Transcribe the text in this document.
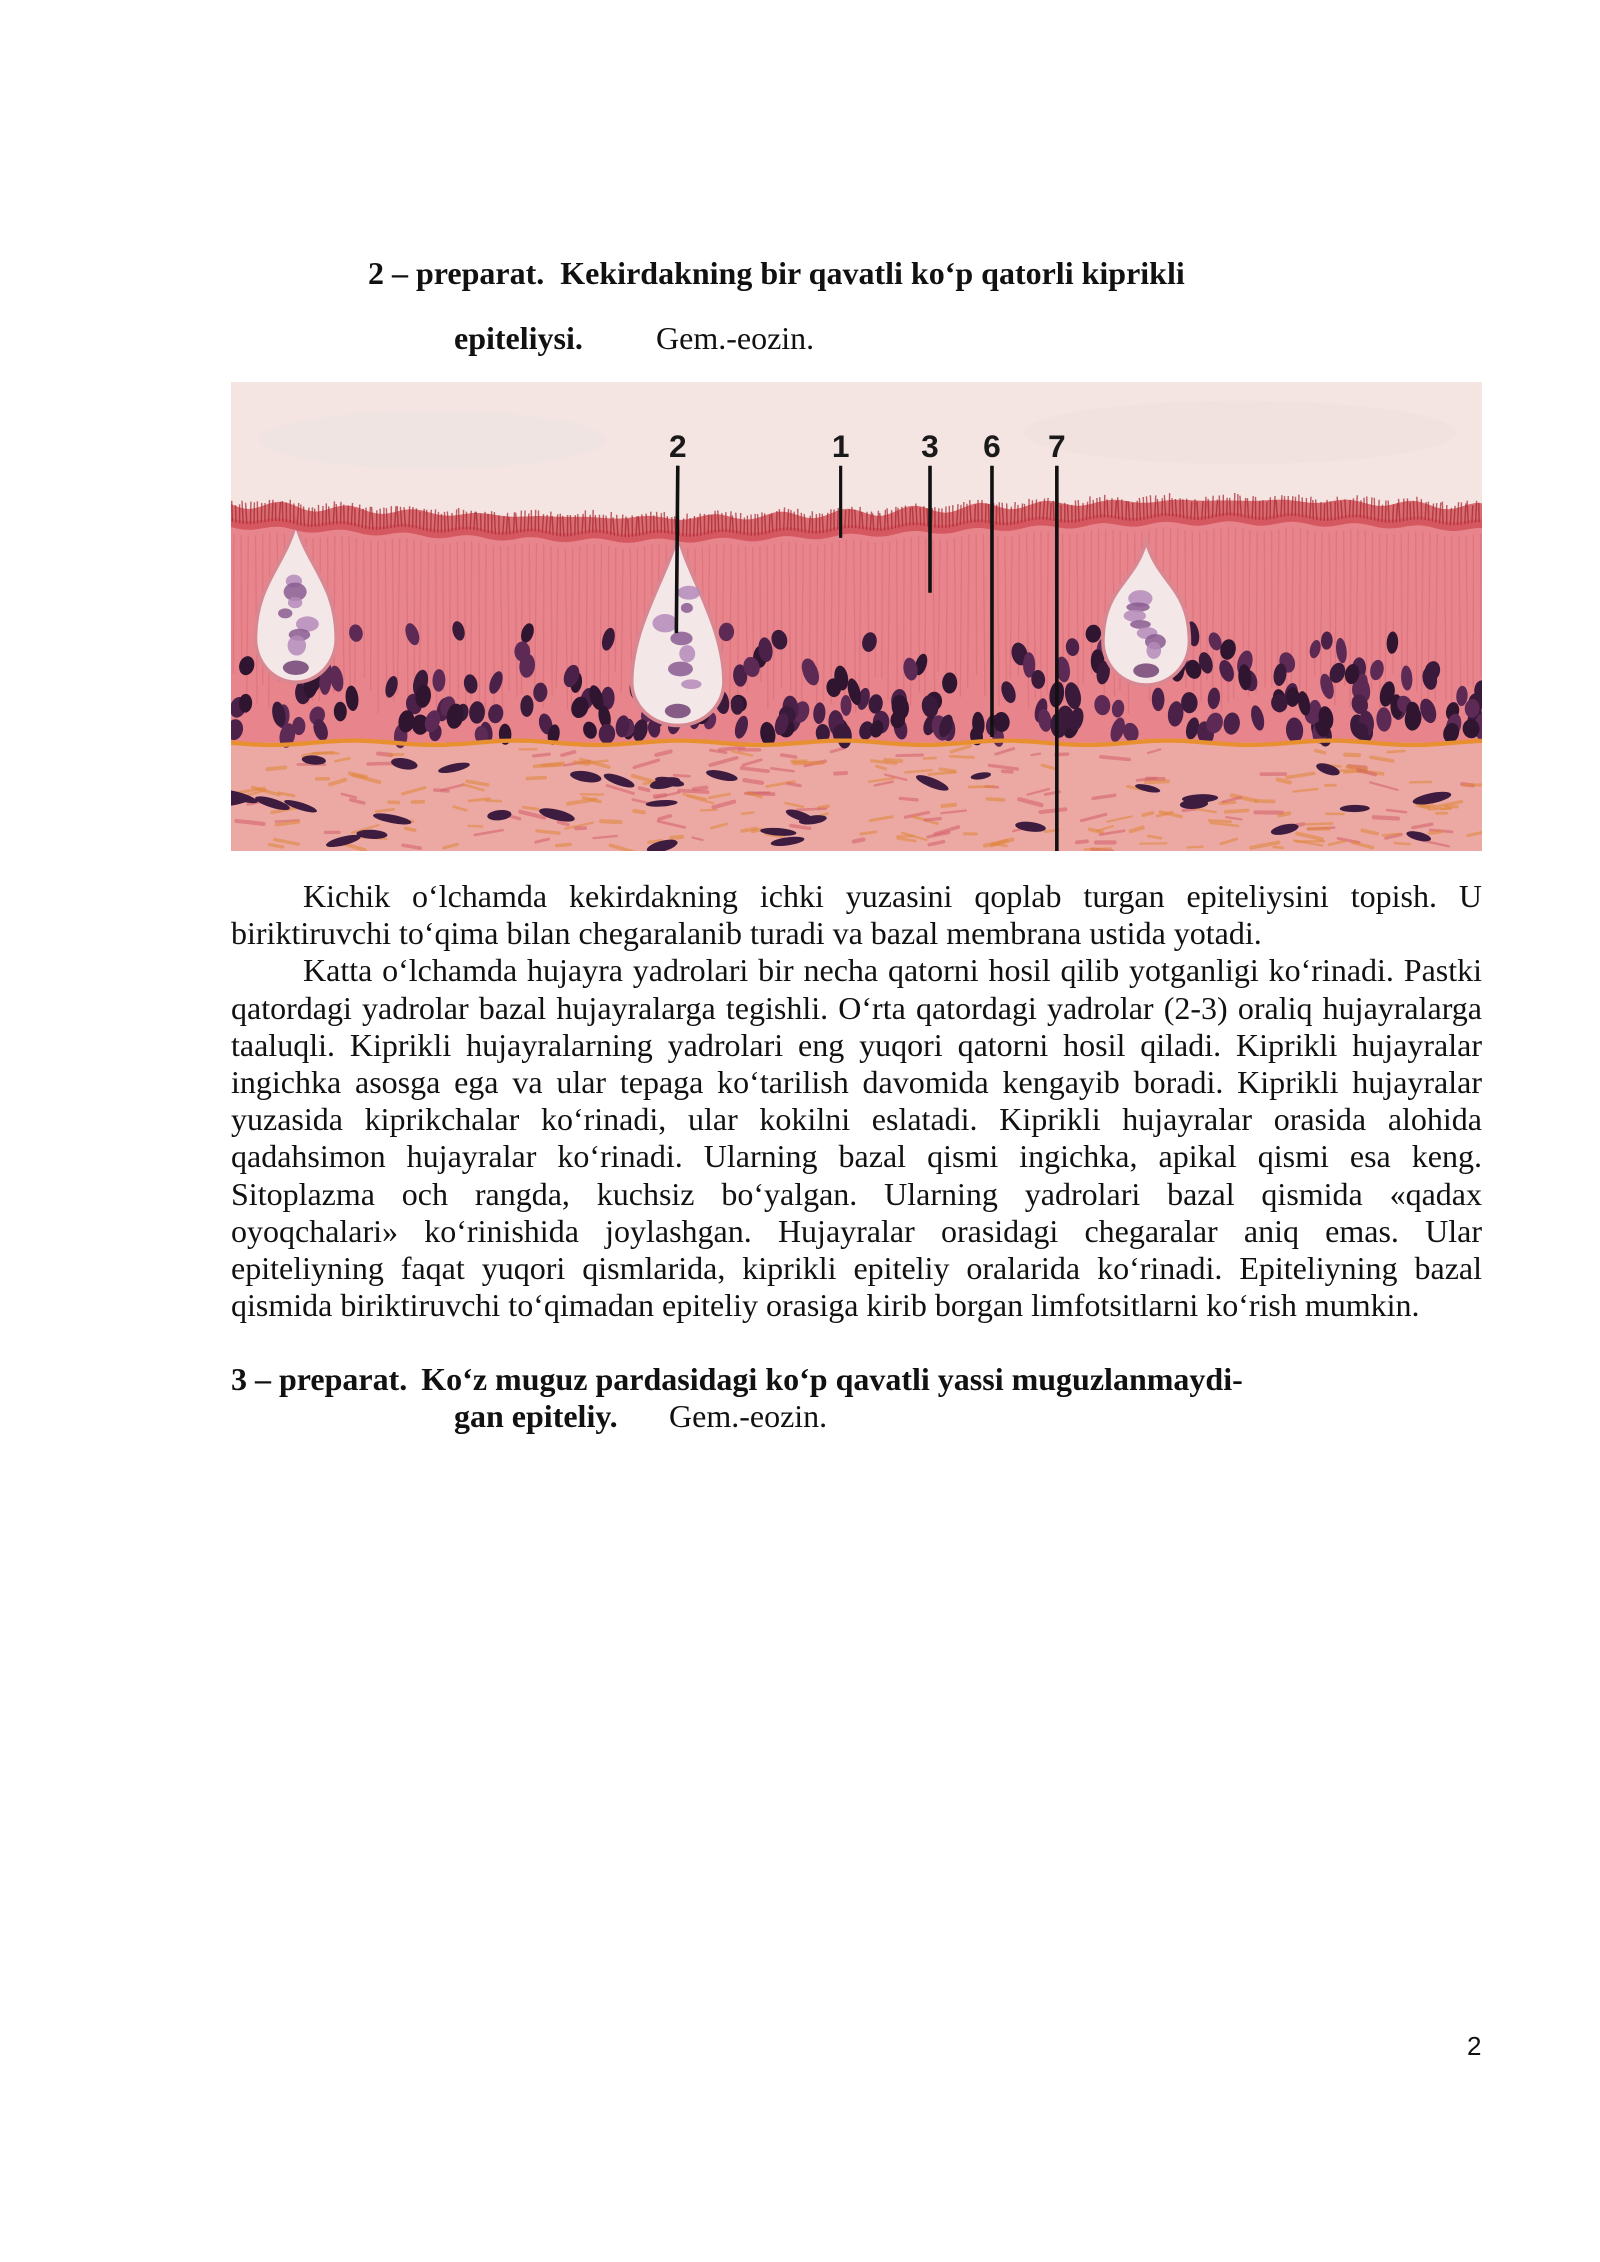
2 – preparat. Kekirdakning bir qavatli ko‘p qatorli kiprikli
epiteliysi. Gem.-eozin.
2	1	3 6 7
Kichik o‘lchamda kekirdakning ichki yuzasini qoplab turgan epiteliysini topish. U
biriktiruvchi to‘qima bilan chegaralanib turadi va bazal membrana ustida yotadi.
Katta o‘lchamda hujayra yadrolari bir necha qatorni hosil qilib yotganligi ko‘rinadi. Pastki
qatordagi yadrolar bazal hujayralarga tegishli. O‘rta qatordagi yadrolar (2-3) oraliq hujayralarga
taaluqli. Kiprikli hujayralarning yadrolari eng yuqori qatorni hosil qiladi. Kiprikli hujayralar
ingichka asosga ega va ular tepaga ko‘tarilish davomida kengayib boradi. Kiprikli hujayralar
yuzasida kiprikchalar ko‘rinadi, ular kokilni eslatadi. Kiprikli hujayralar orasida alohida
qadahsimon hujayralar ko‘rinadi. Ularning bazal qismi ingichka, apikal qismi esa keng.
Sitoplazma och rangda, kuchsiz bo‘yalgan. Ularning yadrolari bazal qismida «qadax
oyoqchalari» ko‘rinishida joylashgan. Hujayralar orasidagi chegaralar aniq emas. Ular
epiteliyning faqat yuqori qismlarida, kiprikli epiteliy oralarida ko‘rinadi. Epiteliyning bazal
qismida biriktiruvchi to‘qimadan epiteliy orasiga kirib borgan limfotsitlarni ko‘rish mumkin.
3 – preparat. Ko‘z muguz pardasidagi ko‘p qavatli yassi muguzlanmaydi-
gan epiteliy. Gem.-eozin.
2
